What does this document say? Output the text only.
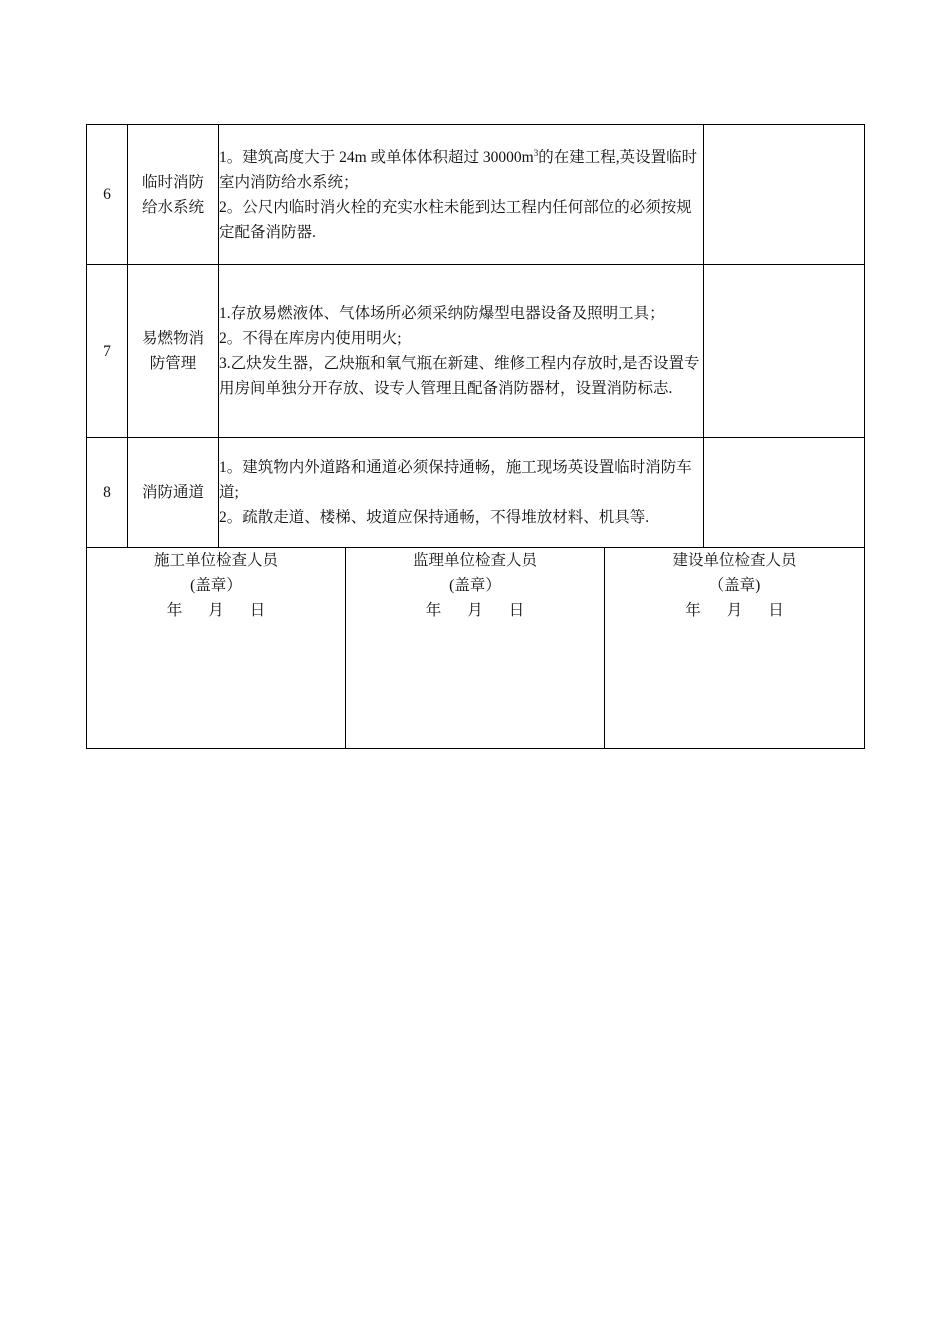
6	临时消防
给水系统	1。建筑高度大于 24m 或单体体积超过 $30000m^3$的在建工程,英设置临时室内消防给水系统；
2。公尺内临时消火栓的充实水柱未能到达工程内任何部位的必须按规定配备消防器.	

7	易燃物消
防管理	1.存放易燃液体、气体场所必须采纳防爆型电器设备及照明工具；
2。不得在库房内使用明火;
3.乙炔发生器，乙炔瓶和氧气瓶在新建、维修工程内存放时,是否设置专用房间单独分开存放、设专人管理且配备消防器材，设置消防标志.	

8	消防通道	1。建筑物内外道路和通道必须保持通畅，施工现场英设置临时消防车道;
2。疏散走道、楼梯、坡道应保持通畅，不得堆放材料、机具等.	

施工单位检查人员
(盖章）
年 月 日

监理单位检查人员
(盖章）
年 月 日

建设单位检查人员
（盖章)
年 月 日
